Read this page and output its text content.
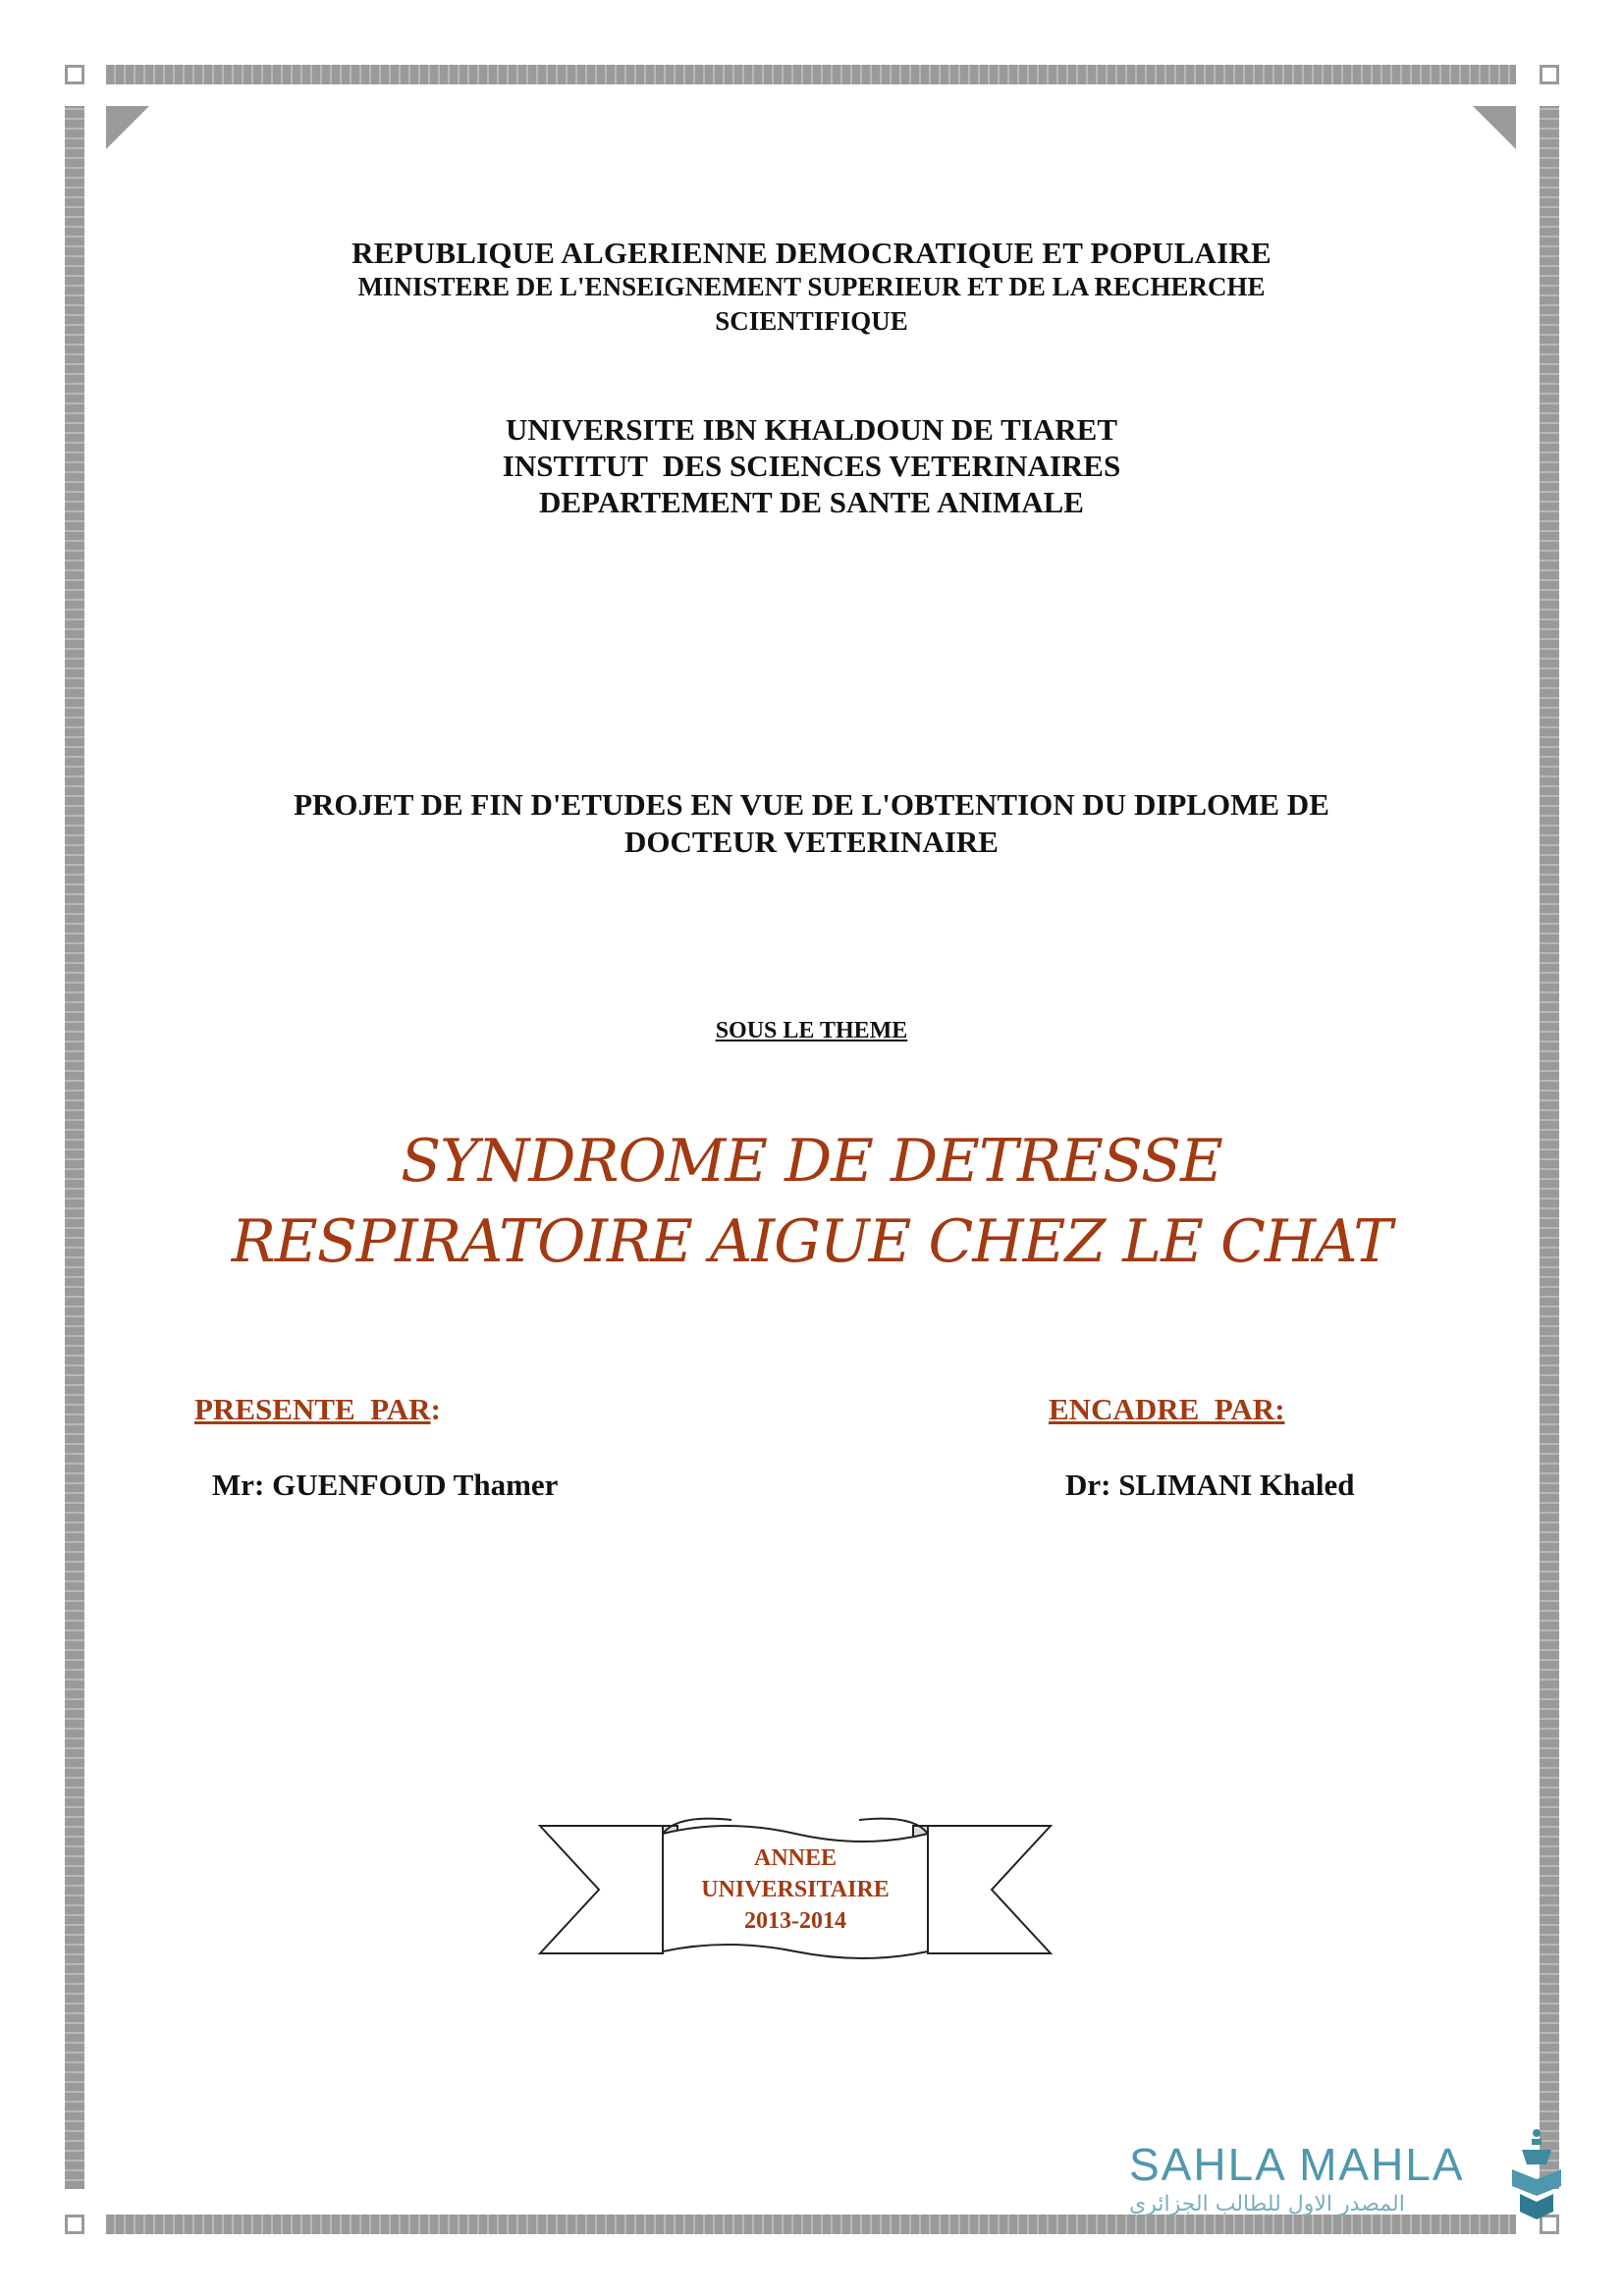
REPUBLIQUE ALGERIENNE DEMOCRATIQUE ET POPULAIRE
MINISTERE DE L'ENSEIGNEMENT SUPERIEUR ET DE LA RECHERCHE
SCIENTIFIQUE
UNIVERSITE IBN KHALDOUN DE TIARET
INSTITUT  DES SCIENCES VETERINAIRES
DEPARTEMENT DE SANTE ANIMALE
PROJET DE FIN D'ETUDES EN VUE DE L'OBTENTION DU DIPLOME DE
DOCTEUR VETERINAIRE
SOUS LE THEME
SYNDROME DE DETRESSE
RESPIRATOIRE AIGUE CHEZ LE CHAT
PRESENTE  PAR:	ENCADRE  PAR:
Mr: GUENFOUD Thamer	Dr: SLIMANI Khaled
ANNEE
UNIVERSITAIRE
2013-2014
SAHLA MAHLA
المصدر الاول للطالب الجزائري
